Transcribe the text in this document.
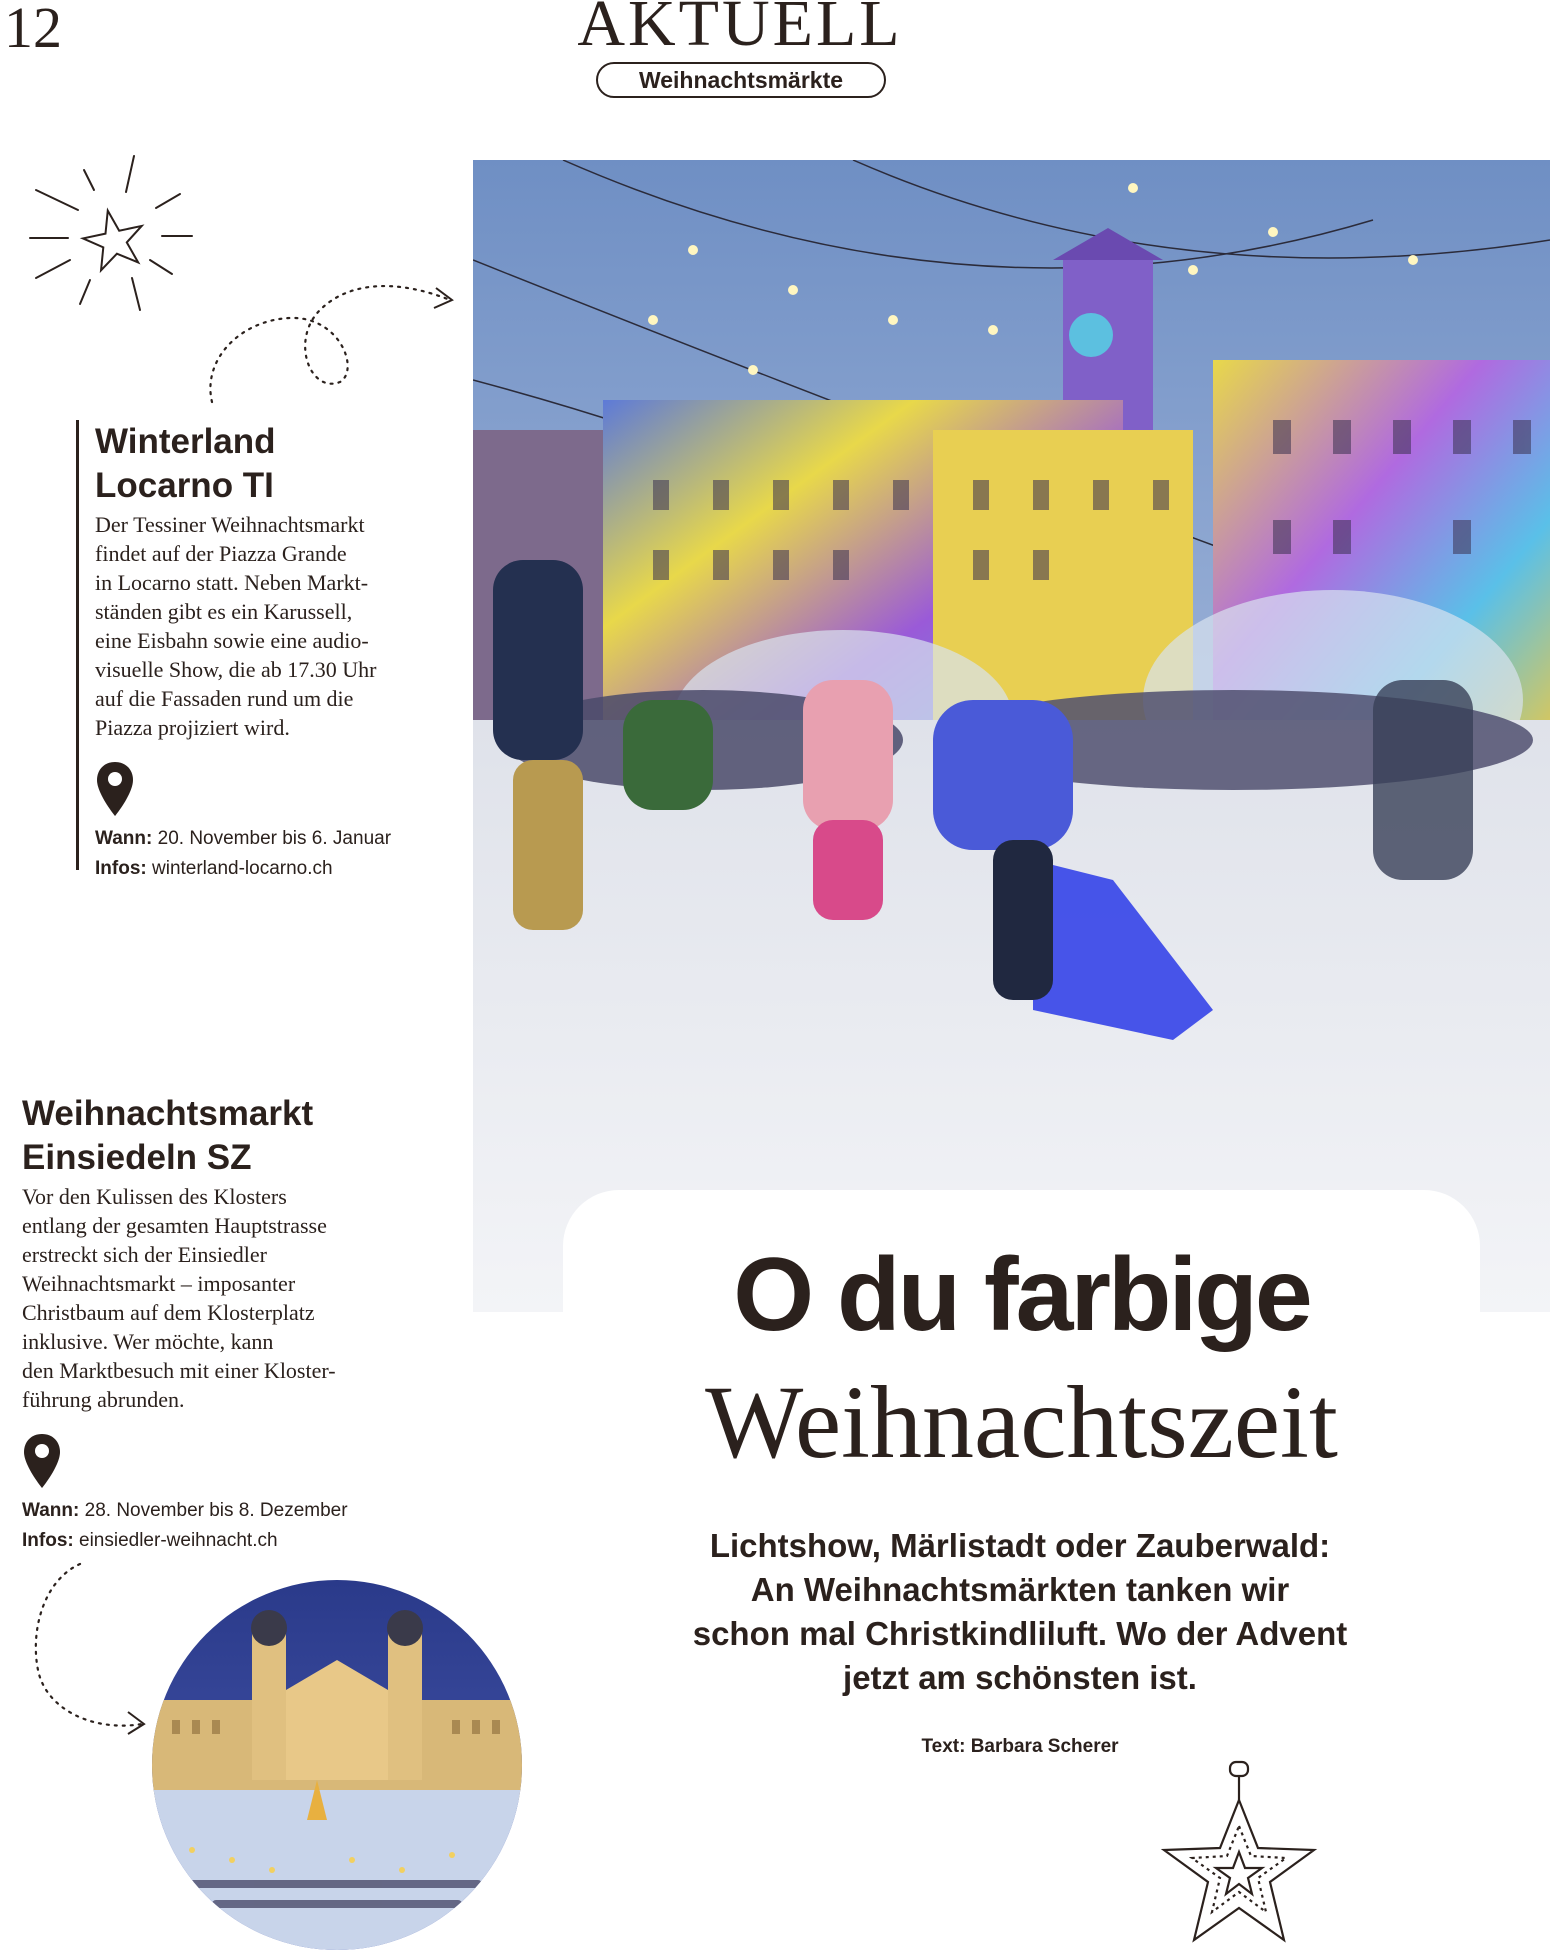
12	AKTUELL
Weihnachtsmärkte
O du farbige
Weihnachtszeit
Lichtshow, Märlistadt oder Zauberwald:
An Weihnachtsmärkten tanken wir
schon mal Christkindliluft. Wo der Advent
jetzt am schönsten ist.
Text: Barbara Scherer
Winterland
Locarno TI
Der Tessiner Weihnachtsmarkt
findet auf der Piazza Grande
in Locarno statt. Neben Markt-
ständen gibt es ein Karussell,
eine Eisbahn sowie eine audio-
visuelle Show, die ab 17.30 Uhr
auf die Fassaden rund um die
Piazza projiziert wird.
Wann: 20. November bis 6. Januar
Infos: winterland-locarno.ch
Weihnachtsmarkt
Einsiedeln SZ
Vor den Kulissen des Klosters
entlang der gesamten Hauptstrasse
erstreckt sich der Einsiedler
Weihnachtsmarkt – imposanter
Christbaum auf dem Klosterplatz
inklusive. Wer möchte, kann
den Marktbesuch mit einer Kloster-
führung abrunden.
Wann: 28. November bis 8. Dezember
Infos: einsiedler-weihnacht.ch
